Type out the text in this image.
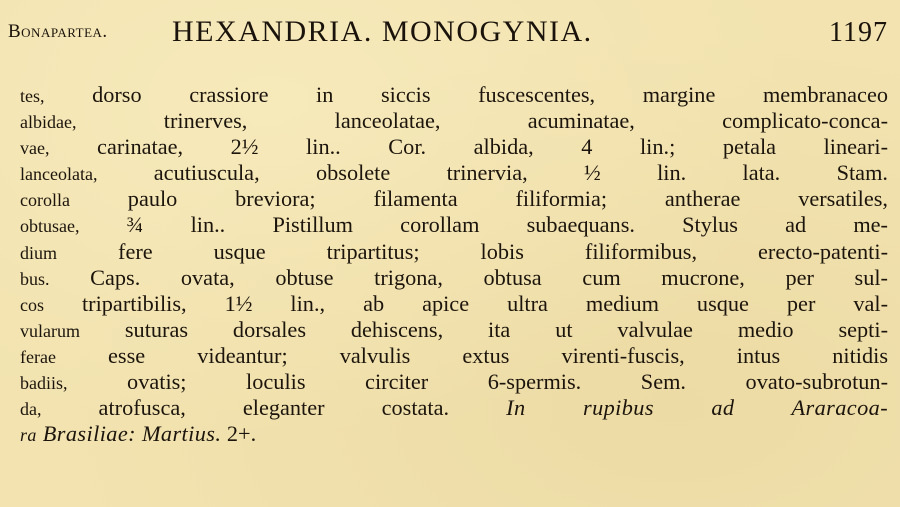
Bonapartea. HEXANDRIA. MONOGYNIA.	1197
tes, dorso crassiore in siccis fuscescentes, margine membranaceo
albidae, trinerves, lanceolatae, acuminatae, complicato-conca-
vae, carinatae, 2½ lin.. Cor. albida, 4 lin.; petala lineari-
lanceolata, acutiuscula, obsolete trinervia, ½ lin. lata. Stam.
corolla paulo breviora; filamenta filiformia; antherae versatiles,
obtusae, ¾ lin.. Pistillum corollam subaequans. Stylus ad me-
dium fere usque tripartitus; lobis filiformibus, erecto-patenti-
bus. Caps. ovata, obtuse trigona, obtusa cum mucrone, per sul-
cos tripartibilis, 1½ lin., ab apice ultra medium usque per val-
vularum suturas dorsales dehiscens, ita ut valvulae medio septi-
ferae esse videantur; valvulis extus virenti-fuscis, intus nitidis
badiis, ovatis; loculis circiter 6-spermis. Sem. ovato-subrotun-
da, atrofusca, eleganter costata.	In rupibus ad Araracoa-
ra Brasiliae: Martius. 2+.
